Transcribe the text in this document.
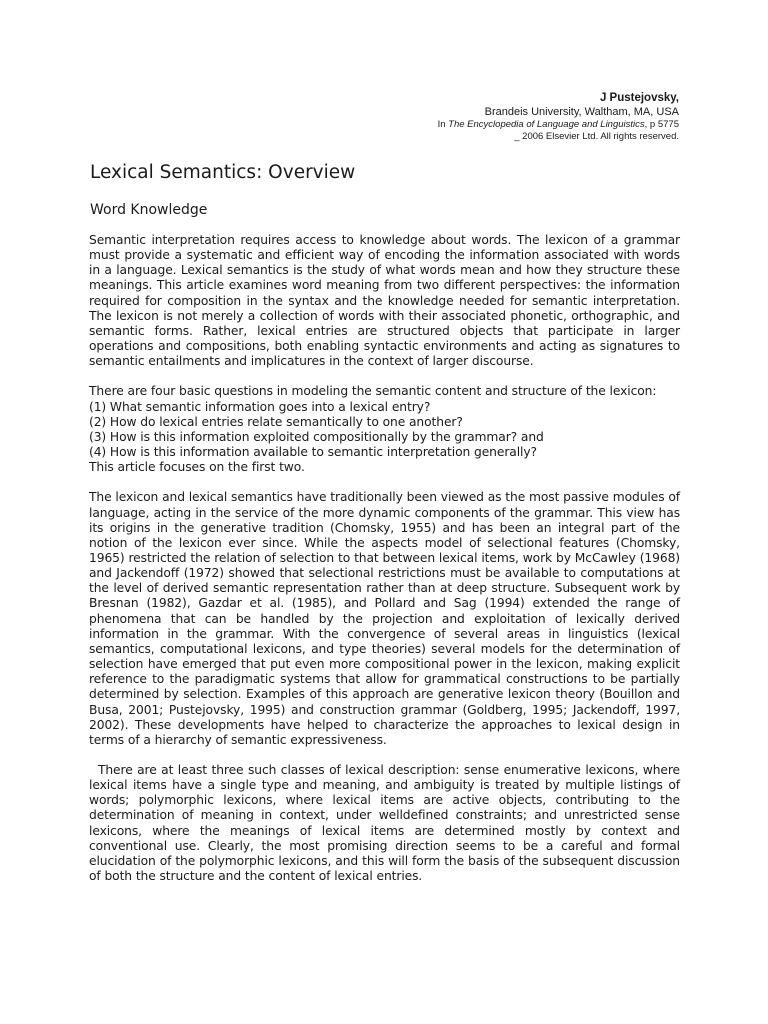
J Pustejovsky,
Brandeis University, Waltham, MA, USA
In The Encyclopedia of Language and Linguistics, p 5775
_ 2006 Elsevier Ltd. All rights reserved.
Lexical Semantics: Overview
Word Knowledge

Semantic interpretation requires access to knowledge about words. The lexicon of a grammar must provide a systematic and efficient way of encoding the information associated with words in a language. Lexical semantics is the study of what words mean and how they structure these meanings. This article examines word meaning from two different perspectives: the information required for composition in the syntax and the knowledge needed for semantic interpretation. The lexicon is not merely a collection of words with their associated phonetic, orthographic, and semantic forms. Rather, lexical entries are structured objects that participate in larger operations and compositions, both enabling syntactic environments and acting as signatures to semantic entailments and implicatures in the context of larger discourse.

There are four basic questions in modeling the semantic content and structure of the lexicon:
(1) What semantic information goes into a lexical entry?
(2) How do lexical entries relate semantically to one another?
(3) How is this information exploited compositionally by the grammar? and
(4) How is this information available to semantic interpretation generally?
This article focuses on the first two.

The lexicon and lexical semantics have traditionally been viewed as the most passive modules of language, acting in the service of the more dynamic components of the grammar. This view has its origins in the generative tradition (Chomsky, 1955) and has been an integral part of the notion of the lexicon ever since. While the aspects model of selectional features (Chomsky, 1965) restricted the relation of selection to that between lexical items, work by McCawley (1968) and Jackendoff (1972) showed that selectional restrictions must be available to computations at the level of derived semantic representation rather than at deep structure. Subsequent work by Bresnan (1982), Gazdar et al. (1985), and Pollard and Sag (1994) extended the range of phenomena that can be handled by the projection and exploitation of lexically derived information in the grammar. With the convergence of several areas in linguistics (lexical semantics, computational lexicons, and type theories) several models for the determination of selection have emerged that put even more compositional power in the lexicon, making explicit reference to the paradigmatic systems that allow for grammatical constructions to be partially determined by selection. Examples of this approach are generative lexicon theory (Bouillon and Busa, 2001; Pustejovsky, 1995) and construction grammar (Goldberg, 1995; Jackendoff, 1997, 2002). These developments have helped to characterize the approaches to lexical design in terms of a hierarchy of semantic expressiveness.

There are at least three such classes of lexical description: sense enumerative lexicons, where lexical items have a single type and meaning, and ambiguity is treated by multiple listings of words; polymorphic lexicons, where lexical items are active objects, contributing to the determination of meaning in context, under welldefined constraints; and unrestricted sense lexicons, where the meanings of lexical items are determined mostly by context and conventional use. Clearly, the most promising direction seems to be a careful and formal elucidation of the polymorphic lexicons, and this will form the basis of the subsequent discussion of both the structure and the content of lexical entries.
